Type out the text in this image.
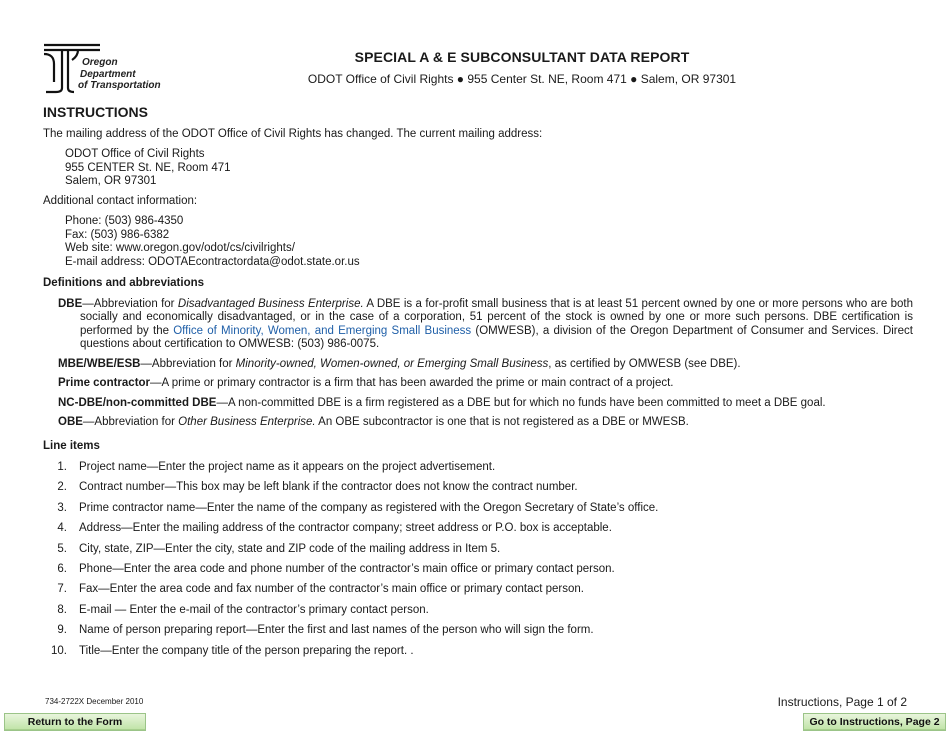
Oregon
Department
of Transportation
SPECIAL A & E SUBCONSULTANT DATA REPORT
ODOT Office of Civil Rights ● 955 Center St. NE, Room 471 ● Salem, OR 97301
INSTRUCTIONS

The mailing address of the ODOT Office of Civil Rights has changed. The current mailing address:

ODOT Office of Civil Rights

955 CENTER St. NE, Room 471

Salem, OR 97301

Additional contact information:

Phone: (503) 986-4350

Fax: (503) 986-6382

Web site: www.oregon.gov/odot/cs/civilrights/

E-mail address: ODOTAEcontractordata@odot.state.or.us

Definitions and abbreviations

DBE—Abbreviation for Disadvantaged Business Enterprise. A DBE is a for-profit small business that is at least 51 percent owned by one or more persons who are both socially and economically disadvantaged, or in the case of a corporation, 51 percent of the stock is owned by one or more such persons. DBE certification is performed by the Office of Minority, Women, and Emerging Small Business (OMWESB), a division of the Oregon Department of Consumer and Services. Direct questions about certification to OMWESB: (503) 986-0075.

MBE/WBE/ESB—Abbreviation for Minority-owned, Women-owned, or Emerging Small Business, as certified by OMWESB (see DBE).

Prime contractor—A prime or primary contractor is a firm that has been awarded the prime or main contract of a project.

NC-DBE/non-committed DBE—A non-committed DBE is a firm registered as a DBE but for which no funds have been committed to meet a DBE goal.

OBE—Abbreviation for Other Business Enterprise. An OBE subcontractor is one that is not registered as a DBE or MWESB.

Line items
1. Project name—Enter the project name as it appears on the project advertisement.
2. Contract number—This box may be left blank if the contractor does not know the contract number.
3. Prime contractor name—Enter the name of the company as registered with the Oregon Secretary of State’s office.
4. Address—Enter the mailing address of the contractor company; street address or P.O. box is acceptable.
5. City, state, ZIP—Enter the city, state and ZIP code of the mailing address in Item 5.
6. Phone—Enter the area code and phone number of the contractor’s main office or primary contact person.
7. Fax—Enter the area code and fax number of the contractor’s main office or primary contact person.
8. E-mail — Enter the e-mail of the contractor’s primary contact person.
9. Name of person preparing report—Enter the first and last names of the person who will sign the form.
10. Title—Enter the company title of the person preparing the report. .
734-2722X December 2010	Instructions, Page 1 of 2
Return to the Form	Go to Instructions, Page 2
